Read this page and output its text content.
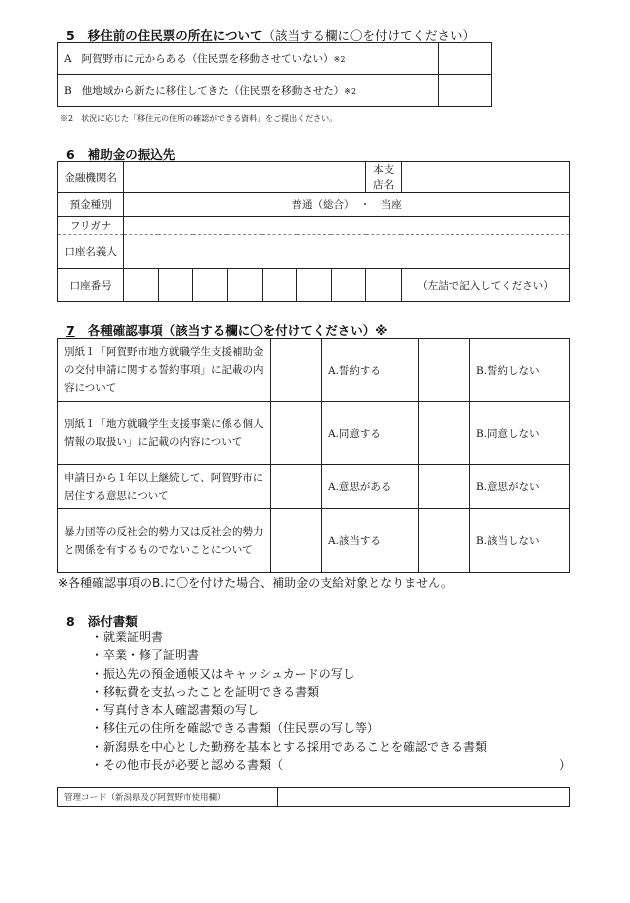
5 移住前の住民票の所在について（該当する欄に〇を付けてください）
A 阿賀野市に元からある（住民票を移動させていない）※2	
B 他地域から新たに移住してきた（住民票を移動させた）※2	
※2　状況に応じた「移住元の住所の確認ができる資料」をご提出ください。
6 補助金の振込先
金融機関名								本支店名	
預金種別	普通（総合）　・　当座								
フリガナ									
口座名義人									
口座番号									（左詰で記入してください）
7 各種確認事項（該当する欄に〇を付けてください）※
別紙１「阿賀野市地方就職学生支援補助金の交付申請に関する誓約事項」に記載の内容について		A.誓約する		B.誓約しない
別紙１「地方就職学生支援事業に係る個人情報の取扱い」に記載の内容について		A.同意する		B.同意しない
申請日から１年以上継続して、阿賀野市に居住する意思について		A.意思がある		B.意思がない
暴力団等の反社会的勢力又は反社会的勢力と関係を有するものでないことについて		A.該当する		B.該当しない
※各種確認事項のB.に〇を付けた場合、補助金の支給対象となりません。
8 添付書類
・就業証明書
・卒業・修了証明書
・振込先の預金通帳又はキャッシュカードの写し
・移転費を支払ったことを証明できる書類
・写真付き本人確認書類の写し
・移住元の住所を確認できる書類（住民票の写し等）
・新潟県を中心とした勤務を基本とする採用であることを確認できる書類
・その他市長が必要と認める書類（　　　　　　　　　　　　　　　　　　　　　　　）
管理コード（新潟県及び阿賀野市使用欄）	
